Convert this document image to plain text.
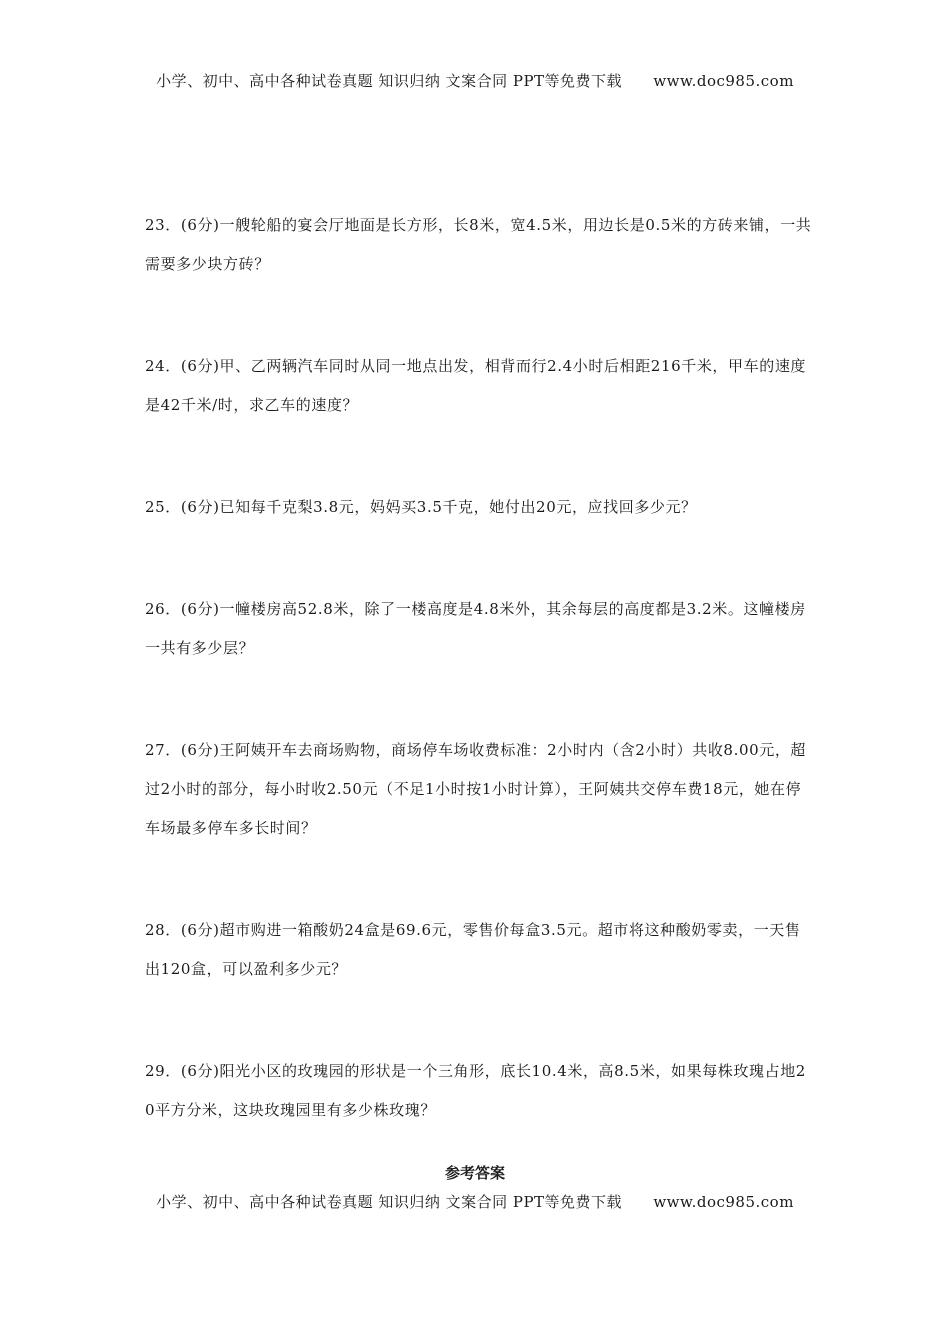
小学、初中、高中各种试卷真题 知识归纳 文案合同 PPT等免费下载 www.doc985.com
23．(6分)一艘轮船的宴会厅地面是长方形，长8米，宽4.5米，用边长是0.5米的方砖来铺，一共需要多少块方砖？
24．(6分)甲、乙两辆汽车同时从同一地点出发，相背而行2.4小时后相距216千米，甲车的速度是42千米/时，求乙车的速度？
25．(6分)已知每千克梨3.8元，妈妈买3.5千克，她付出20元，应找回多少元？
26．(6分)一幢楼房高52.8米，除了一楼高度是4.8米外，其余每层的高度都是3.2米。这幢楼房一共有多少层？
27．(6分)王阿姨开车去商场购物，商场停车场收费标准：2小时内（含2小时）共收8.00元，超过2小时的部分，每小时收2.50元（不足1小时按1小时计算），王阿姨共交停车费18元，她在停车场最多停车多长时间？
28．(6分)超市购进一箱酸奶24盒是69.6元，零售价每盒3.5元。超市将这种酸奶零卖，一天售出120盒，可以盈利多少元？
29．(6分)阳光小区的玫瑰园的形状是一个三角形，底长10.4米，高8.5米，如果每株玫瑰占地20平方分米，这块玫瑰园里有多少株玫瑰？
参考答案
小学、初中、高中各种试卷真题 知识归纳 文案合同 PPT等免费下载 www.doc985.com
